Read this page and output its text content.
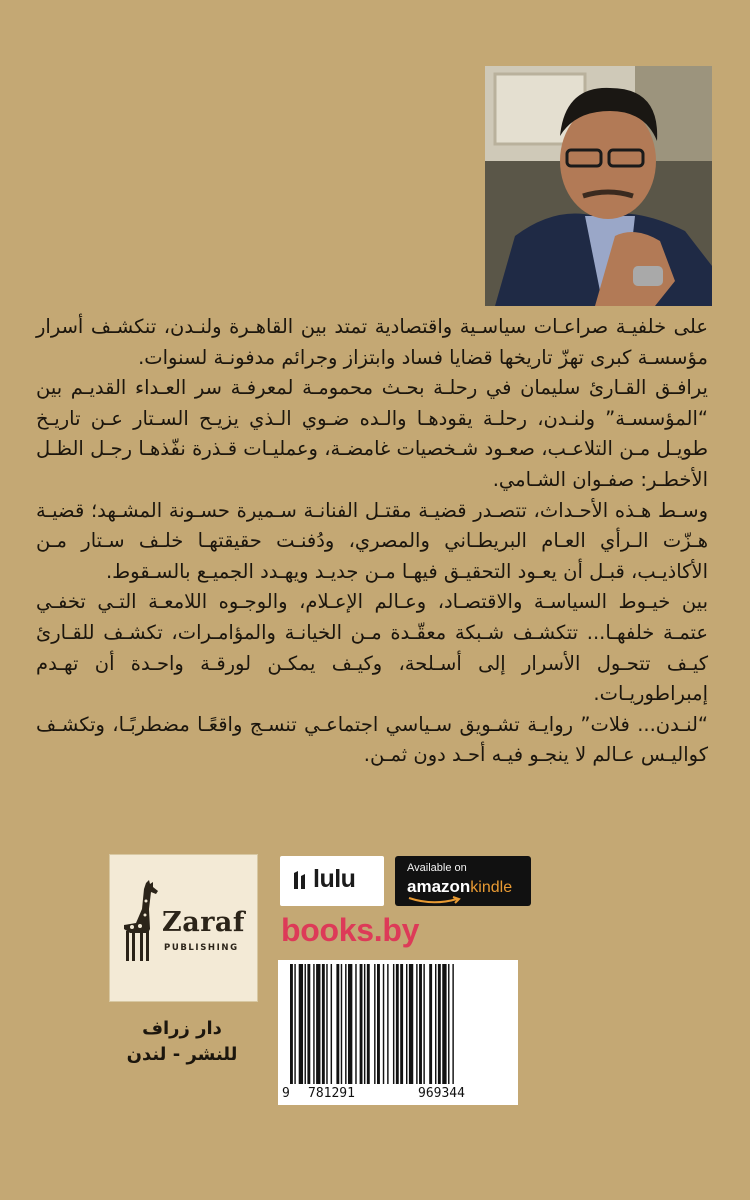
على خلفيـة صراعـات سياسـية واقتصادية تمتد بين القاهـرة ولنـدن، تنكشـف أسرار مؤسسـة كبرى تهزّ تاريخها قضايا فساد وابتزاز وجرائم مدفونـة لسنوات.

يرافـق القـارئ سليمان في رحلـة بحـث محمومـة لمعرفـة سر العـداء القديـم بين “المؤسسـة” ولنـدن، رحلـة يقودهـا والـده ضـوي الـذي يزيـح السـتار عـن تاريـخ طويـل مـن التلاعـب، صعـود شـخصيات غامضـة، وعمليـات قـذرة نفّذهـا رجـل الظـل الأخطـر: صفـوان الشـامي.

وسـط هـذه الأحـداث، تتصـدر قضيـة مقتـل الفنانـة سـميرة حسـونة المشـهد؛ قضيـة هـزّت الـرأي العـام البريطـاني والمصري، ودُفنـت حقيقتهـا خلـف سـتار مـن الأكاذيـب، قبـل أن يعـود التحقيـق فيهـا مـن جديـد ويهـدد الجميـع بالسـقوط.

بين خيـوط السياسـة والاقتصـاد، وعـالم الإعـلام، والوجـوه اللامعـة التـي تخفـي عتمـة خلفهـا... تتكشـف شـبكة معقّـدة مـن الخيانـة والمؤامـرات، تكشـف للقـارئ كيـف تتحـول الأسرار إلى أسـلحة، وكيـف يمكـن لورقـة واحـدة أن تهـدم إمبراطوريـات.

“لنـدن... فلات” روايـة تشـويق سـياسي اجتماعـي تنسـج واقعًـا مضطربًـا، وتكشـف كواليـس عـالم لا ينجـو فيـه أحـد دون ثمـن.

Zaraf
PUBLISHING
دار زراف
للنشر - لندن
lulu	Available on
amazonkindle
books.by
9 781291	969344
